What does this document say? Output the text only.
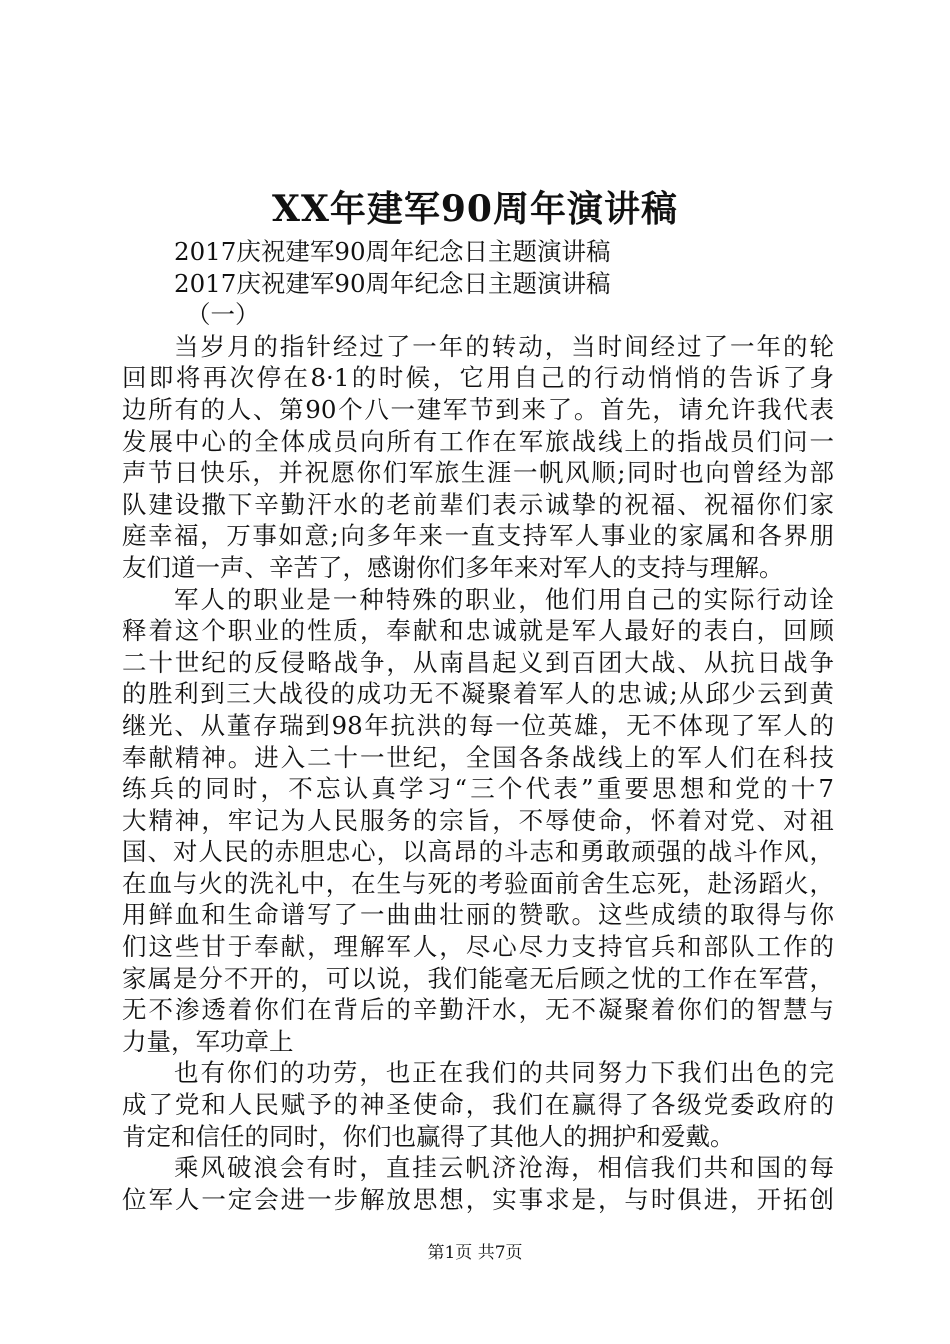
XX年建军90周年演讲稿
2017庆祝建军90周年纪念日主题演讲稿
2017庆祝建军90周年纪念日主题演讲稿
（一）
当岁月的指针经过了一年的转动，当时间经过了一年的轮
回即将再次停在8·1的时候，它用自己的行动悄悄的告诉了身
边所有的人、第90个八一建军节到来了。首先，请允许我代表
发展中心的全体成员向所有工作在军旅战线上的指战员们问一
声节日快乐，并祝愿你们军旅生涯一帆风顺;同时也向曾经为部
队建设撒下辛勤汗水的老前辈们表示诚挚的祝福、祝福你们家
庭幸福，万事如意;向多年来一直支持军人事业的家属和各界朋
友们道一声、辛苦了，感谢你们多年来对军人的支持与理解。
军人的职业是一种特殊的职业，他们用自己的实际行动诠
释着这个职业的性质，奉献和忠诚就是军人最好的表白，回顾
二十世纪的反侵略战争，从南昌起义到百团大战、从抗日战争
的胜利到三大战役的成功无不凝聚着军人的忠诚;从邱少云到黄
继光、从董存瑞到98年抗洪的每一位英雄，无不体现了军人的
奉献精神。进入二十一世纪，全国各条战线上的军人们在科技
练兵的同时，不忘认真学习“三个代表”重要思想和党的十7
大精神，牢记为人民服务的宗旨，不辱使命，怀着对党、对祖
国、对人民的赤胆忠心，以高昂的斗志和勇敢顽强的战斗作风，
在血与火的洗礼中，在生与死的考验面前舍生忘死，赴汤蹈火，
用鲜血和生命谱写了一曲曲壮丽的赞歌。这些成绩的取得与你
们这些甘于奉献，理解军人，尽心尽力支持官兵和部队工作的
家属是分不开的，可以说，我们能毫无后顾之忧的工作在军营，
无不渗透着你们在背后的辛勤汗水，无不凝聚着你们的智慧与
力量，军功章上
也有你们的功劳，也正在我们的共同努力下我们出色的完
成了党和人民赋予的神圣使命，我们在赢得了各级党委政府的
肯定和信任的同时，你们也赢得了其他人的拥护和爱戴。
乘风破浪会有时，直挂云帆济沧海，相信我们共和国的每
位军人一定会进一步解放思想，实事求是，与时俱进，开拓创
第1页 共7页
